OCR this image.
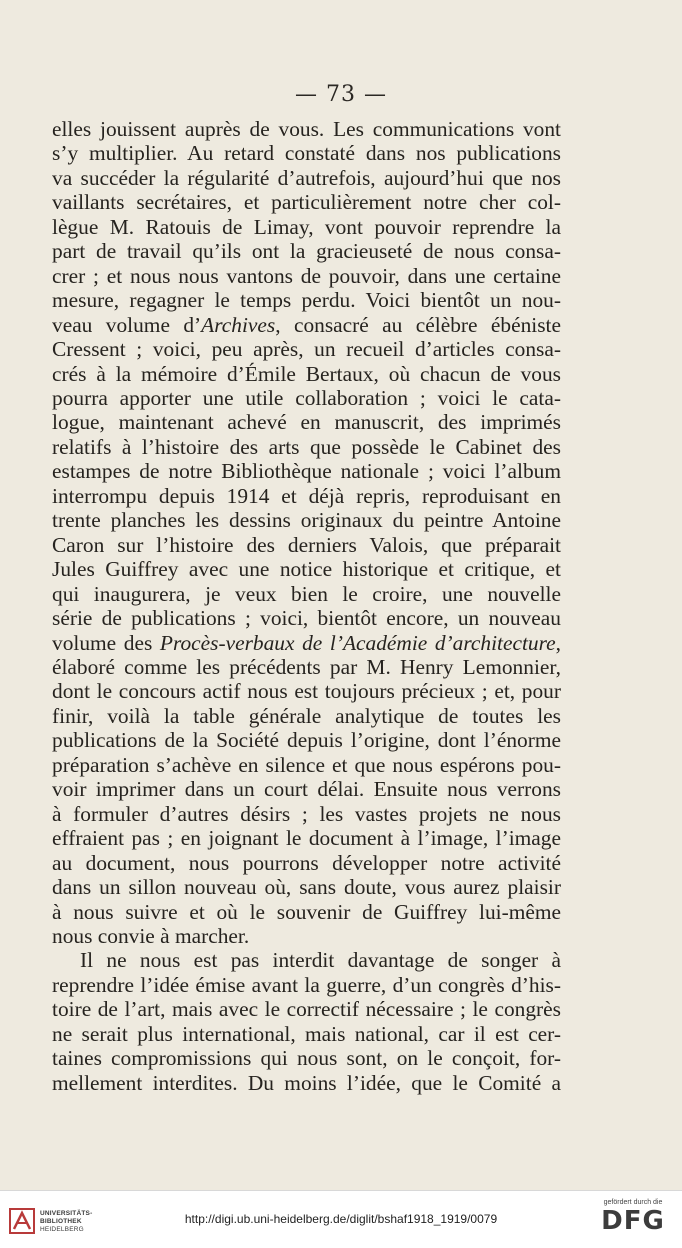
— 73 —

elles jouissent auprès de vous. Les communications vont

s’y multiplier. Au retard constaté dans nos publications

va succéder la régularité d’autrefois, aujourd’hui que nos

vaillants secrétaires, et particulièrement notre cher col-

lègue M. Ratouis de Limay, vont pouvoir reprendre la

part de travail qu’ils ont la gracieuseté de nous consa-

crer ; et nous nous vantons de pouvoir, dans une certaine

mesure, regagner le temps perdu. Voici bientôt un nou-

veau volume d’Archives, consacré au célèbre ébéniste

Cressent ; voici, peu après, un recueil d’articles consa-

crés à la mémoire d’Émile Bertaux, où chacun de vous

pourra apporter une utile collaboration ; voici le cata-

logue, maintenant achevé en manuscrit, des imprimés

relatifs à l’histoire des arts que possède le Cabinet des

estampes de notre Bibliothèque nationale ; voici l’album

interrompu depuis 1914 et déjà repris, reproduisant en

trente planches les dessins originaux du peintre Antoine

Caron sur l’histoire des derniers Valois, que préparait

Jules Guiffrey avec une notice historique et critique, et

qui inaugurera, je veux bien le croire, une nouvelle

série de publications ; voici, bientôt encore, un nouveau

volume des Procès-verbaux de l’Académie d’architecture,

élaboré comme les précédents par M. Henry Lemonnier,

dont le concours actif nous est toujours précieux ; et, pour

finir, voilà la table générale analytique de toutes les

publications de la Société depuis l’origine, dont l’énorme

préparation s’achève en silence et que nous espérons pou-

voir imprimer dans un court délai. Ensuite nous verrons

à formuler d’autres désirs ; les vastes projets ne nous

effraient pas ; en joignant le document à l’image, l’image

au document, nous pourrons développer notre activité

dans un sillon nouveau où, sans doute, vous aurez plaisir

à nous suivre et où le souvenir de Guiffrey lui-même

nous convie à marcher.

Il ne nous est pas interdit davantage de songer à

reprendre l’idée émise avant la guerre, d’un congrès d’his-

toire de l’art, mais avec le correctif nécessaire ; le congrès

ne serait plus international, mais national, car il est cer-

taines compromissions qui nous sont, on le conçoit, for-

mellement interdites. Du moins l’idée, que le Comité a

UNIVERSITÄTS-
BIBLIOTHEK
HEIDELBERG
http://digi.ub.uni-heidelberg.de/diglit/bshaf1918_1919/0079
gefördert durch die
DFG
